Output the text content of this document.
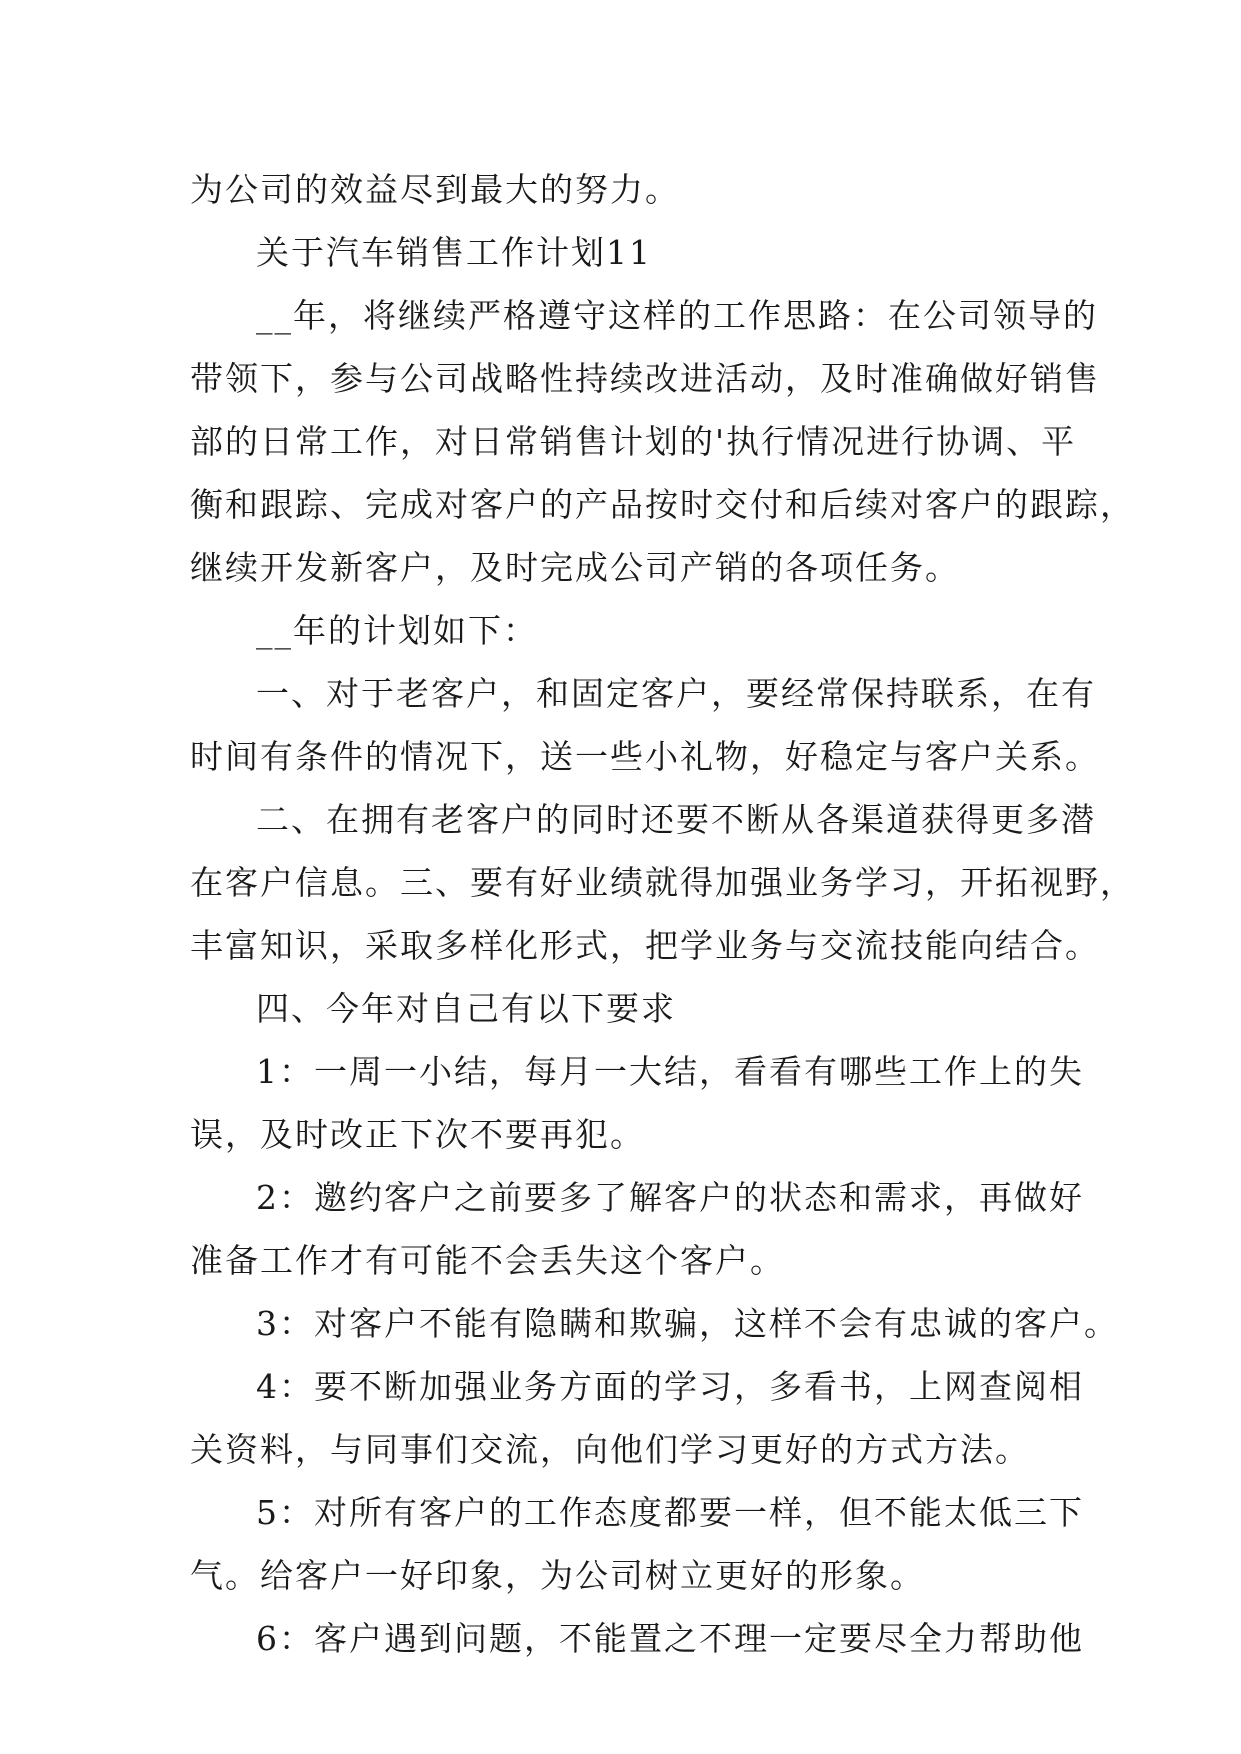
为公司的效益尽到最大的努力。
关于汽车销售工作计划11
__年，将继续严格遵守这样的工作思路：在公司领导的
带领下，参与公司战略性持续改进活动，及时准确做好销售
部的日常工作，对日常销售计划的'执行情况进行协调、平
衡和跟踪、完成对客户的产品按时交付和后续对客户的跟踪，
继续开发新客户，及时完成公司产销的各项任务。
__年的计划如下：
一、对于老客户，和固定客户，要经常保持联系，在有
时间有条件的情况下，送一些小礼物，好稳定与客户关系。
二、在拥有老客户的同时还要不断从各渠道获得更多潜
在客户信息。三、要有好业绩就得加强业务学习，开拓视野，
丰富知识，采取多样化形式，把学业务与交流技能向结合。
四、今年对自己有以下要求
1：一周一小结，每月一大结，看看有哪些工作上的失
误，及时改正下次不要再犯。
2：邀约客户之前要多了解客户的状态和需求，再做好
准备工作才有可能不会丢失这个客户。
3：对客户不能有隐瞒和欺骗，这样不会有忠诚的客户。
4：要不断加强业务方面的学习，多看书，上网查阅相
关资料，与同事们交流，向他们学习更好的方式方法。
5：对所有客户的工作态度都要一样，但不能太低三下
气。给客户一好印象，为公司树立更好的形象。
6：客户遇到问题，不能置之不理一定要尽全力帮助他
